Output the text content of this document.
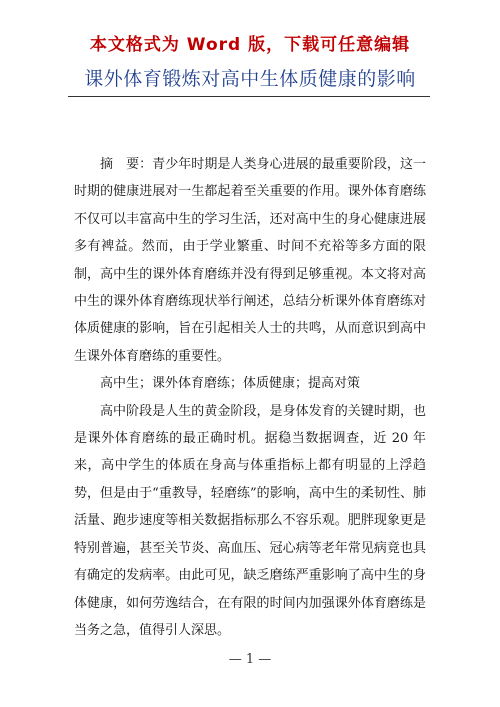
本文格式为 Word 版，下载可任意编辑
课外体育锻炼对高中生体质健康的影响

摘　要：青少年时期是人类身心进展的最重要阶段，这一时期的健康进展对一生都起着至关重要的作用。课外体育磨练不仅可以丰富高中生的学习生活，还对高中生的身心健康进展多有裨益。然而，由于学业繁重、时间不充裕等多方面的限制，高中生的课外体育磨练并没有得到足够重视。本文将对高中生的课外体育磨练现状举行阐述，总结分析课外体育磨练对体质健康的影响，旨在引起相关人士的共鸣，从而意识到高中生课外体育磨练的重要性。

高中生；课外体育磨练；体质健康；提高对策

高中阶段是人生的黄金阶段，是身体发育的关键时期，也是课外体育磨练的最正确时机。据稳当数据调查，近 20 年来，高中学生的体质在身高与体重指标上都有明显的上浮趋势，但是由于“重教导，轻磨练”的影响，高中生的柔韧性、肺活量、跑步速度等相关数据指标那么不容乐观。肥胖现象更是特别普遍，甚至关节炎、高血压、冠心病等老年常见病竟也具有确定的发病率。由此可见，缺乏磨练严重影响了高中生的身体健康，如何劳逸结合，在有限的时间内加强课外体育磨练是当务之急，值得引人深思。

— 1 —
